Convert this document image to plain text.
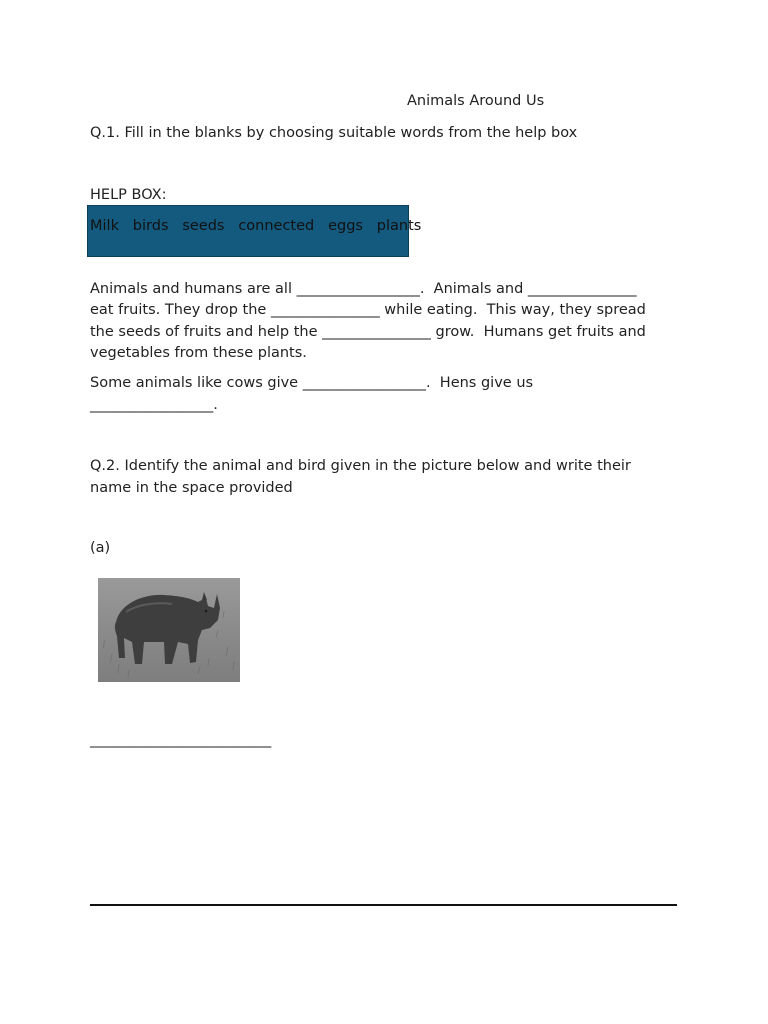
Animals Around Us
Q.1. Fill in the blanks by choosing suitable words from the help box
HELP BOX:
Milk birds seeds connected eggs plants
Animals and humans are all _________________.  Animals and _______________
eat fruits. They drop the _______________ while eating.  This way, they spread
the seeds of fruits and help the _______________ grow.  Humans get fruits and
vegetables from these plants.
Some animals like cows give _________________.  Hens give us
_________________.
Q.2. Identify the animal and bird given in the picture below and write their
name in the space provided
(a)
_________________________
